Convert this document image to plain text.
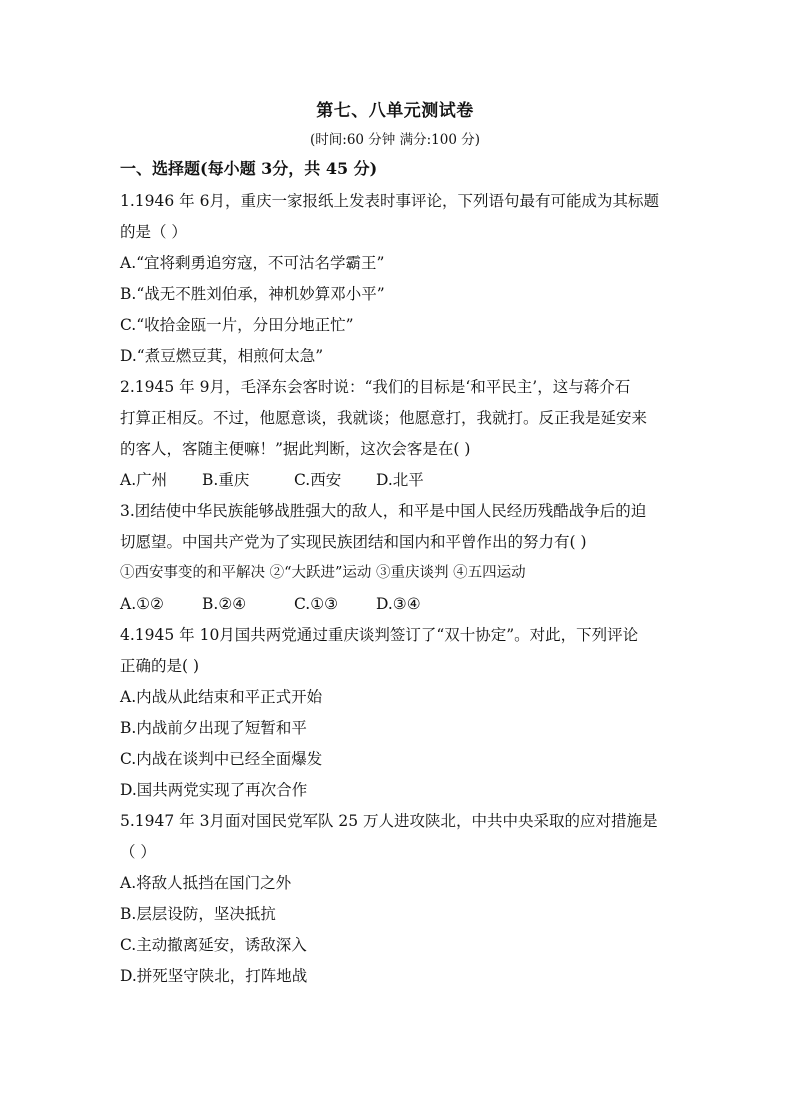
第七、八单元测试卷
(时间:60 分钟 满分:100 分)
一、选择题(每小题 3分，共 45 分)
1.1946 年 6月，重庆一家报纸上发表时事评论，下列语句最有可能成为其标题
的是（ ）
A.“宜将剩勇追穷寇，不可沽名学霸王”
B.“战无不胜刘伯承，神机妙算邓小平”
C.“收拾金瓯一片，分田分地正忙”
D.“煮豆燃豆萁，相煎何太急”
2.1945 年 9月，毛泽东会客时说：“我们的目标是‘和平民主’，这与蒋介石
打算正相反。不过，他愿意谈，我就谈；他愿意打，我就打。反正我是延安来
的客人，客随主便嘛！”据此判断，这次会客是在( )
A.广州 B.重庆	C.西安 D.北平
3.团结使中华民族能够战胜强大的敌人，和平是中国人民经历残酷战争后的迫
切愿望。中国共产党为了实现民族团结和国内和平曾作出的努力有( )
①西安事变的和平解决 ②“大跃进”运动 ③重庆谈判 ④五四运动
A.①② B.②④	C.①③ D.③④
4.1945 年 10月国共两党通过重庆谈判签订了“双十协定”。对此，下列评论
正确的是( )
A.内战从此结束和平正式开始
B.内战前夕出现了短暂和平
C.内战在谈判中已经全面爆发
D.国共两党实现了再次合作
5.1947 年 3月面对国民党军队 25 万人进攻陕北，中共中央采取的应对措施是
（ ）
A.将敌人抵挡在国门之外
B.层层设防，坚决抵抗
C.主动撤离延安，诱敌深入
D.拼死坚守陕北，打阵地战
